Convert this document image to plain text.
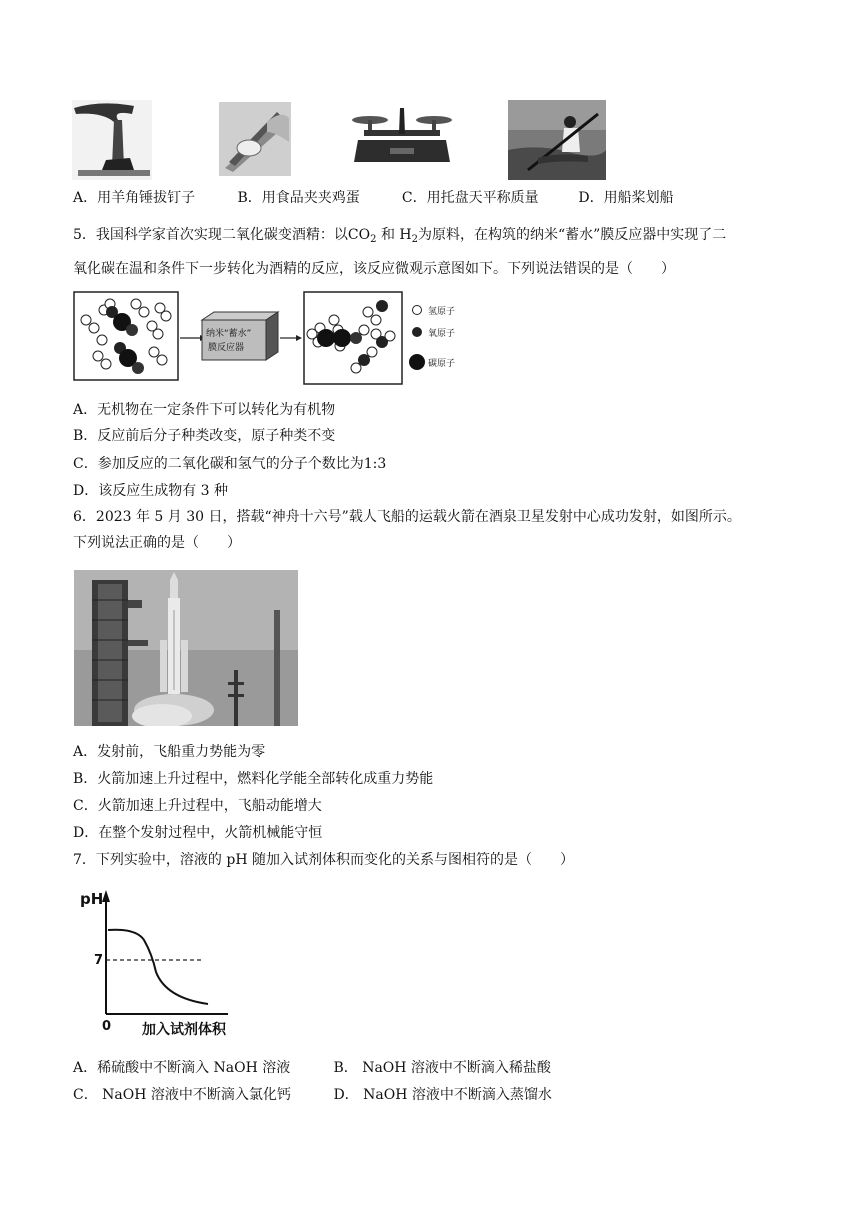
A．用羊角锤拔钉子	B．用食品夹夹鸡蛋	C．用托盘天平称质量	D．用船桨划船
5．我国科学家首次实现二氧化碳变酒精：以$CO_2$ 和 $H_2$为原料，在构筑的纳米“蓄水”膜反应器中实现了二
氧化碳在温和条件下一步转化为酒精的反应，该反应微观示意图如下。下列说法错误的是（　　）
纳米“蓄水”
膜反应器
氢原子
氧原子
碳原子
A．无机物在一定条件下可以转化为有机物
B．反应前后分子种类改变，原子种类不变
C．参加反应的二氧化碳和氢气的分子个数比为1:3
D．该反应生成物有 3 种
6．2023 年 5 月 30 日，搭载“神舟十六号”载人飞船的运载火箭在酒泉卫星发射中心成功发射，如图所示。
下列说法正确的是（　　）
A．发射前，飞船重力势能为零
B．火箭加速上升过程中，燃料化学能全部转化成重力势能
C．火箭加速上升过程中，飞船动能增大
D．在整个发射过程中，火箭机械能守恒
7．下列实验中，溶液的 pH 随加入试剂体积而变化的关系与图相符的是（　　）
pH
7
0 加入试剂体积
A．稀硫酸中不断滴入 NaOH 溶液	B． NaOH 溶液中不断滴入稀盐酸
C． NaOH 溶液中不断滴入氯化钙	D． NaOH 溶液中不断滴入蒸馏水
